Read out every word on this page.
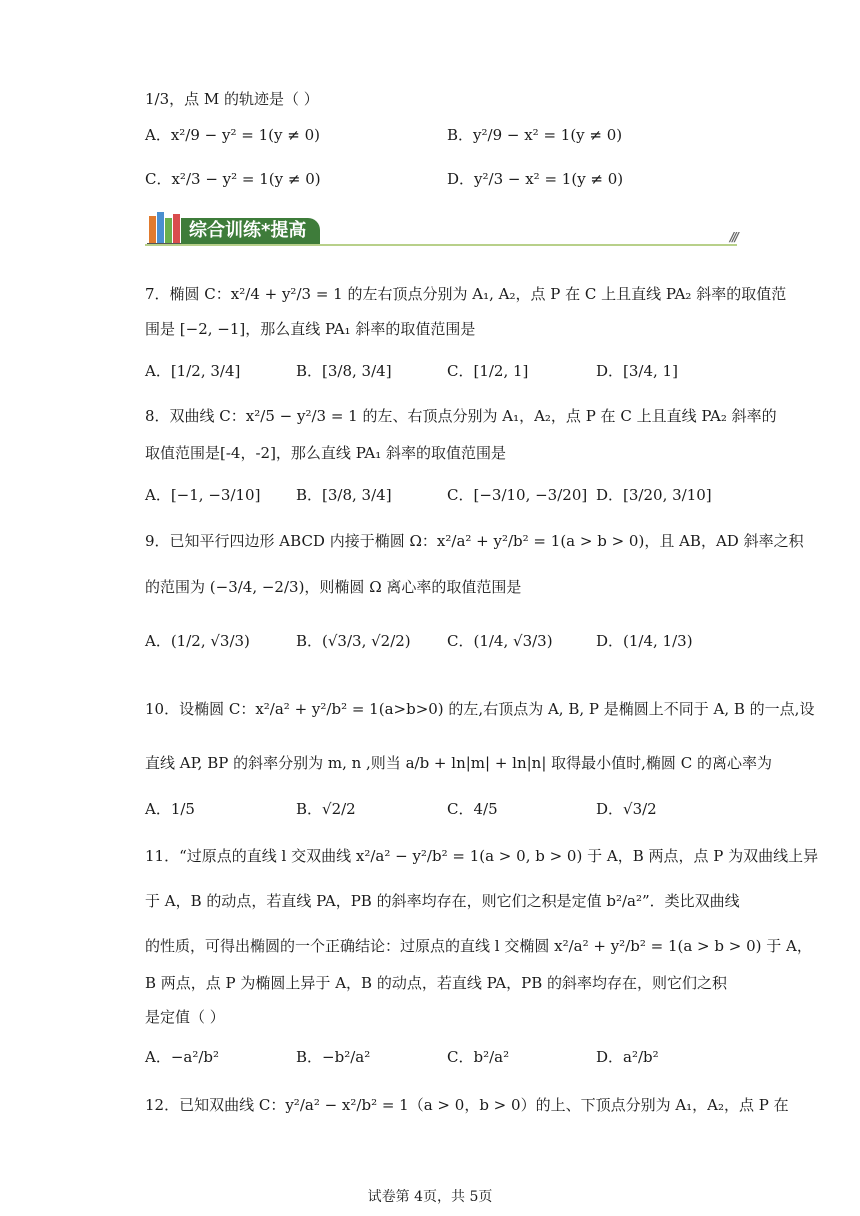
1/3，点 M 的轨迹是（ ）
A．x²/9 − y² = 1(y ≠ 0)	B．y²/9 − x² = 1(y ≠ 0)
C．x²/3 − y² = 1(y ≠ 0)	D．y²/3 − x² = 1(y ≠ 0)
综合训练*提高	///
7．椭圆 C：x²/4 + y²/3 = 1 的左右顶点分别为 A₁, A₂，点 P 在 C 上且直线 PA₂ 斜率的取值范
围是 [−2, −1]，那么直线 PA₁ 斜率的取值范围是
A．[1/2, 3/4]	B．[3/8, 3/4]	C．[1/2, 1]	D．[3/4, 1]
8．双曲线 C：x²/5 − y²/3 = 1 的左、右顶点分别为 A₁，A₂，点 P 在 C 上且直线 PA₂ 斜率的
取值范围是[-4，-2]，那么直线 PA₁ 斜率的取值范围是
A．[−1, −3/10] B．[3/8, 3/4]	C．[−3/10, −3/20] D．[3/20, 3/10]
9．已知平行四边形 ABCD 内接于椭圆 Ω：x²/a² + y²/b² = 1(a > b > 0)，且 AB，AD 斜率之积
的范围为 (−3/4, −2/3)，则椭圆 Ω 离心率的取值范围是
A．(1/2, √3/3)	B．(√3/3, √2/2) C．(1/4, √3/3)	D．(1/4, 1/3)
10．设椭圆 C：x²/a² + y²/b² = 1(a>b>0) 的左,右顶点为 A, B, P 是椭圆上不同于 A, B 的一点,设
直线 AP, BP 的斜率分别为 m, n ,则当 a/b + ln|m| + ln|n| 取得最小值时,椭圆 C 的离心率为
A．1/5	B．√2/2	C．4/5	D．√3/2
11．“过原点的直线 l 交双曲线 x²/a² − y²/b² = 1(a > 0, b > 0) 于 A，B 两点，点 P 为双曲线上异
于 A，B 的动点，若直线 PA，PB 的斜率均存在，则它们之积是定值 b²/a²”．类比双曲线
的性质，可得出椭圆的一个正确结论：过原点的直线 l 交椭圆 x²/a² + y²/b² = 1(a > b > 0) 于 A，
B 两点，点 P 为椭圆上异于 A，B 的动点，若直线 PA，PB 的斜率均存在，则它们之积
是定值（ ）
A．−a²/b²	B．−b²/a²	C．b²/a²	D．a²/b²
12．已知双曲线 C：y²/a² − x²/b² = 1（a > 0，b > 0）的上、下顶点分别为 A₁，A₂，点 P 在
试卷第 4页，共 5页
